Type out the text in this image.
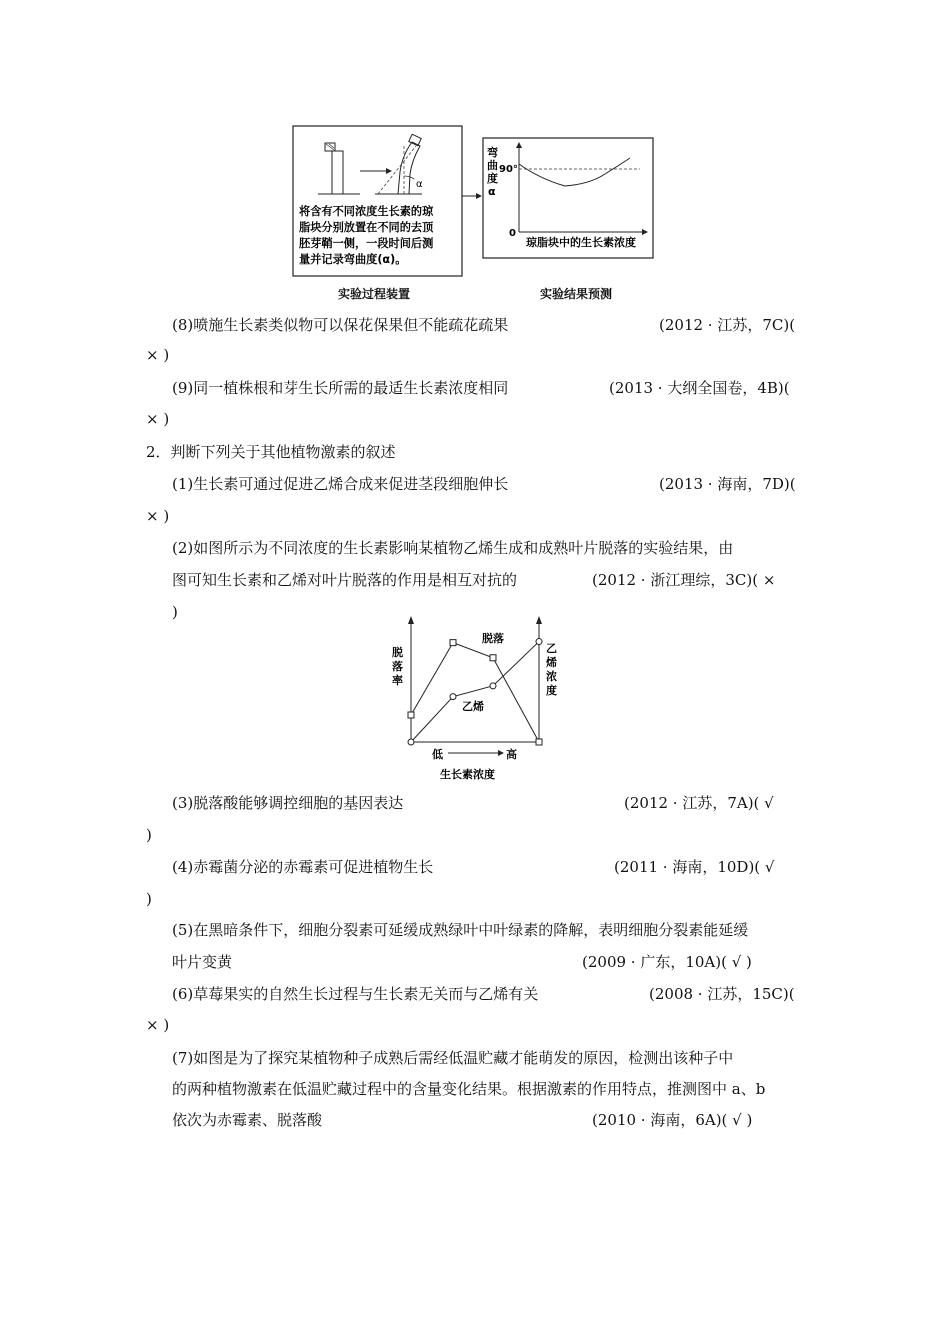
α
将含有不同浓度生长素的琼
脂块分别放置在不同的去顶
胚芽鞘一侧，一段时间后测
量并记录弯曲度(α)。
弯
曲
度
α
90°
0
琼脂块中的生长素浓度
实验过程装置	实验结果预测
(8)喷施生长素类似物可以保花保果但不能疏花疏果	(2012 · 江苏，7C)(
× )
(9)同一植株根和芽生长所需的最适生长素浓度相同	(2013 · 大纲全国卷，4B)(
× )
2．判断下列关于其他植物激素的叙述
(1)生长素可通过促进乙烯合成来促进茎段细胞伸长	(2013 · 海南，7D)(
× )
(2)如图所示为不同浓度的生长素影响某植物乙烯生成和成熟叶片脱落的实验结果，由
图可知生长素和乙烯对叶片脱落的作用是相互对抗的	(2012 · 浙江理综，3C)( ×
)
脱
落
率
乙
烯
浓
度
脱落
乙烯
低	高
生长素浓度
(3)脱落酸能够调控细胞的基因表达	(2012 · 江苏，7A)( √
)
(4)赤霉菌分泌的赤霉素可促进植物生长	(2011 · 海南，10D)( √
)
(5)在黑暗条件下，细胞分裂素可延缓成熟绿叶中叶绿素的降解，表明细胞分裂素能延缓
叶片变黄	(2009 · 广东，10A)( √ )
(6)草莓果实的自然生长过程与生长素无关而与乙烯有关	(2008 · 江苏，15C)(
× )
(7)如图是为了探究某植物种子成熟后需经低温贮藏才能萌发的原因，检测出该种子中
的两种植物激素在低温贮藏过程中的含量变化结果。根据激素的作用特点，推测图中 a、b
依次为赤霉素、脱落酸	(2010 · 海南，6A)( √ )
